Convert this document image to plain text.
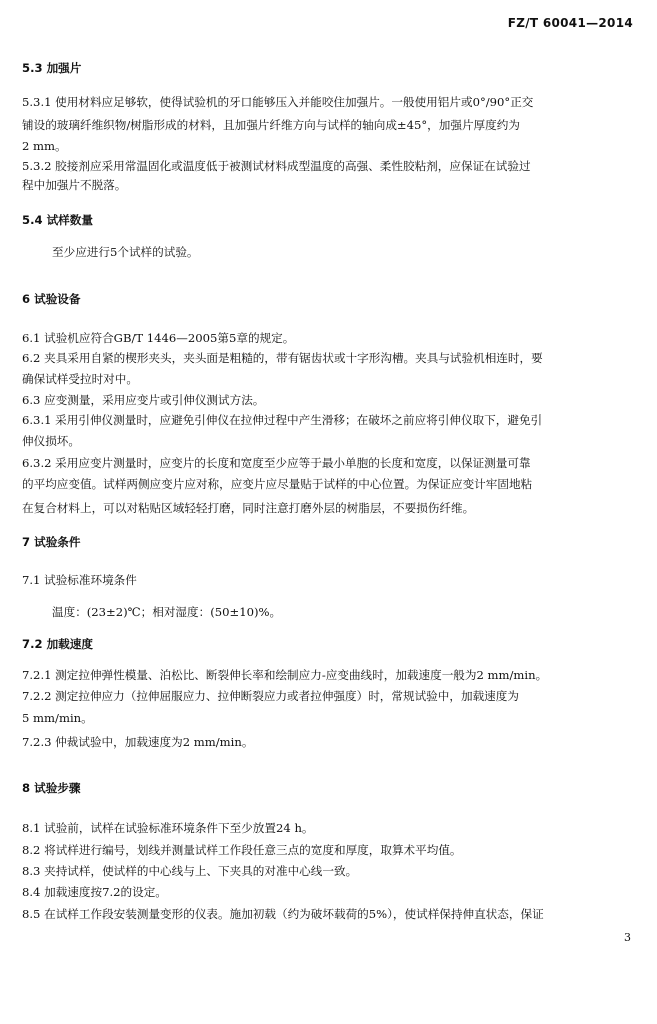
FZ/T 60041—2014
5.3 加强片
5.3.1 使用材料应足够软，使得试验机的牙口能够压入并能咬住加强片。一般使用铝片或0°/90°正交
铺设的玻璃纤维织物/树脂形成的材料，且加强片纤维方向与试样的轴向成±45°，加强片厚度约为
2 mm。
5.3.2 胶接剂应采用常温固化或温度低于被测试材料成型温度的高强、柔性胶粘剂，应保证在试验过
程中加强片不脱落。
5.4 试样数量
至少应进行5个试样的试验。
6 试验设备
6.1 试验机应符合GB/T 1446—2005第5章的规定。
6.2 夹具采用自紧的楔形夹头，夹头面是粗糙的，带有锯齿状或十字形沟槽。夹具与试验机相连时，要
确保试样受拉时对中。
6.3 应变测量，采用应变片或引伸仪测试方法。
6.3.1 采用引伸仪测量时，应避免引伸仪在拉伸过程中产生滑移；在破坏之前应将引伸仪取下，避免引
伸仪损坏。
6.3.2 采用应变片测量时，应变片的长度和宽度至少应等于最小单胞的长度和宽度，以保证测量可靠
的平均应变值。试样两侧应变片应对称，应变片应尽量贴于试样的中心位置。为保证应变计牢固地粘
在复合材料上，可以对粘贴区域轻轻打磨，同时注意打磨外层的树脂层，不要损伤纤维。
7 试验条件
7.1 试验标准环境条件
温度：(23±2)℃；相对湿度：(50±10)%。
7.2 加载速度
7.2.1 测定拉伸弹性模量、泊松比、断裂伸长率和绘制应力-应变曲线时，加载速度一般为2 mm/min。
7.2.2 测定拉伸应力（拉伸屈服应力、拉伸断裂应力或者拉伸强度）时，常规试验中，加载速度为
5 mm/min。
7.2.3 仲裁试验中，加载速度为2 mm/min。
8 试验步骤
8.1 试验前，试样在试验标准环境条件下至少放置24 h。
8.2 将试样进行编号，划线并测量试样工作段任意三点的宽度和厚度，取算术平均值。
8.3 夹持试样，使试样的中心线与上、下夹具的对准中心线一致。
8.4 加载速度按7.2的设定。
8.5 在试样工作段安装测量变形的仪表。施加初载（约为破坏载荷的5%），使试样保持伸直状态，保证
3
